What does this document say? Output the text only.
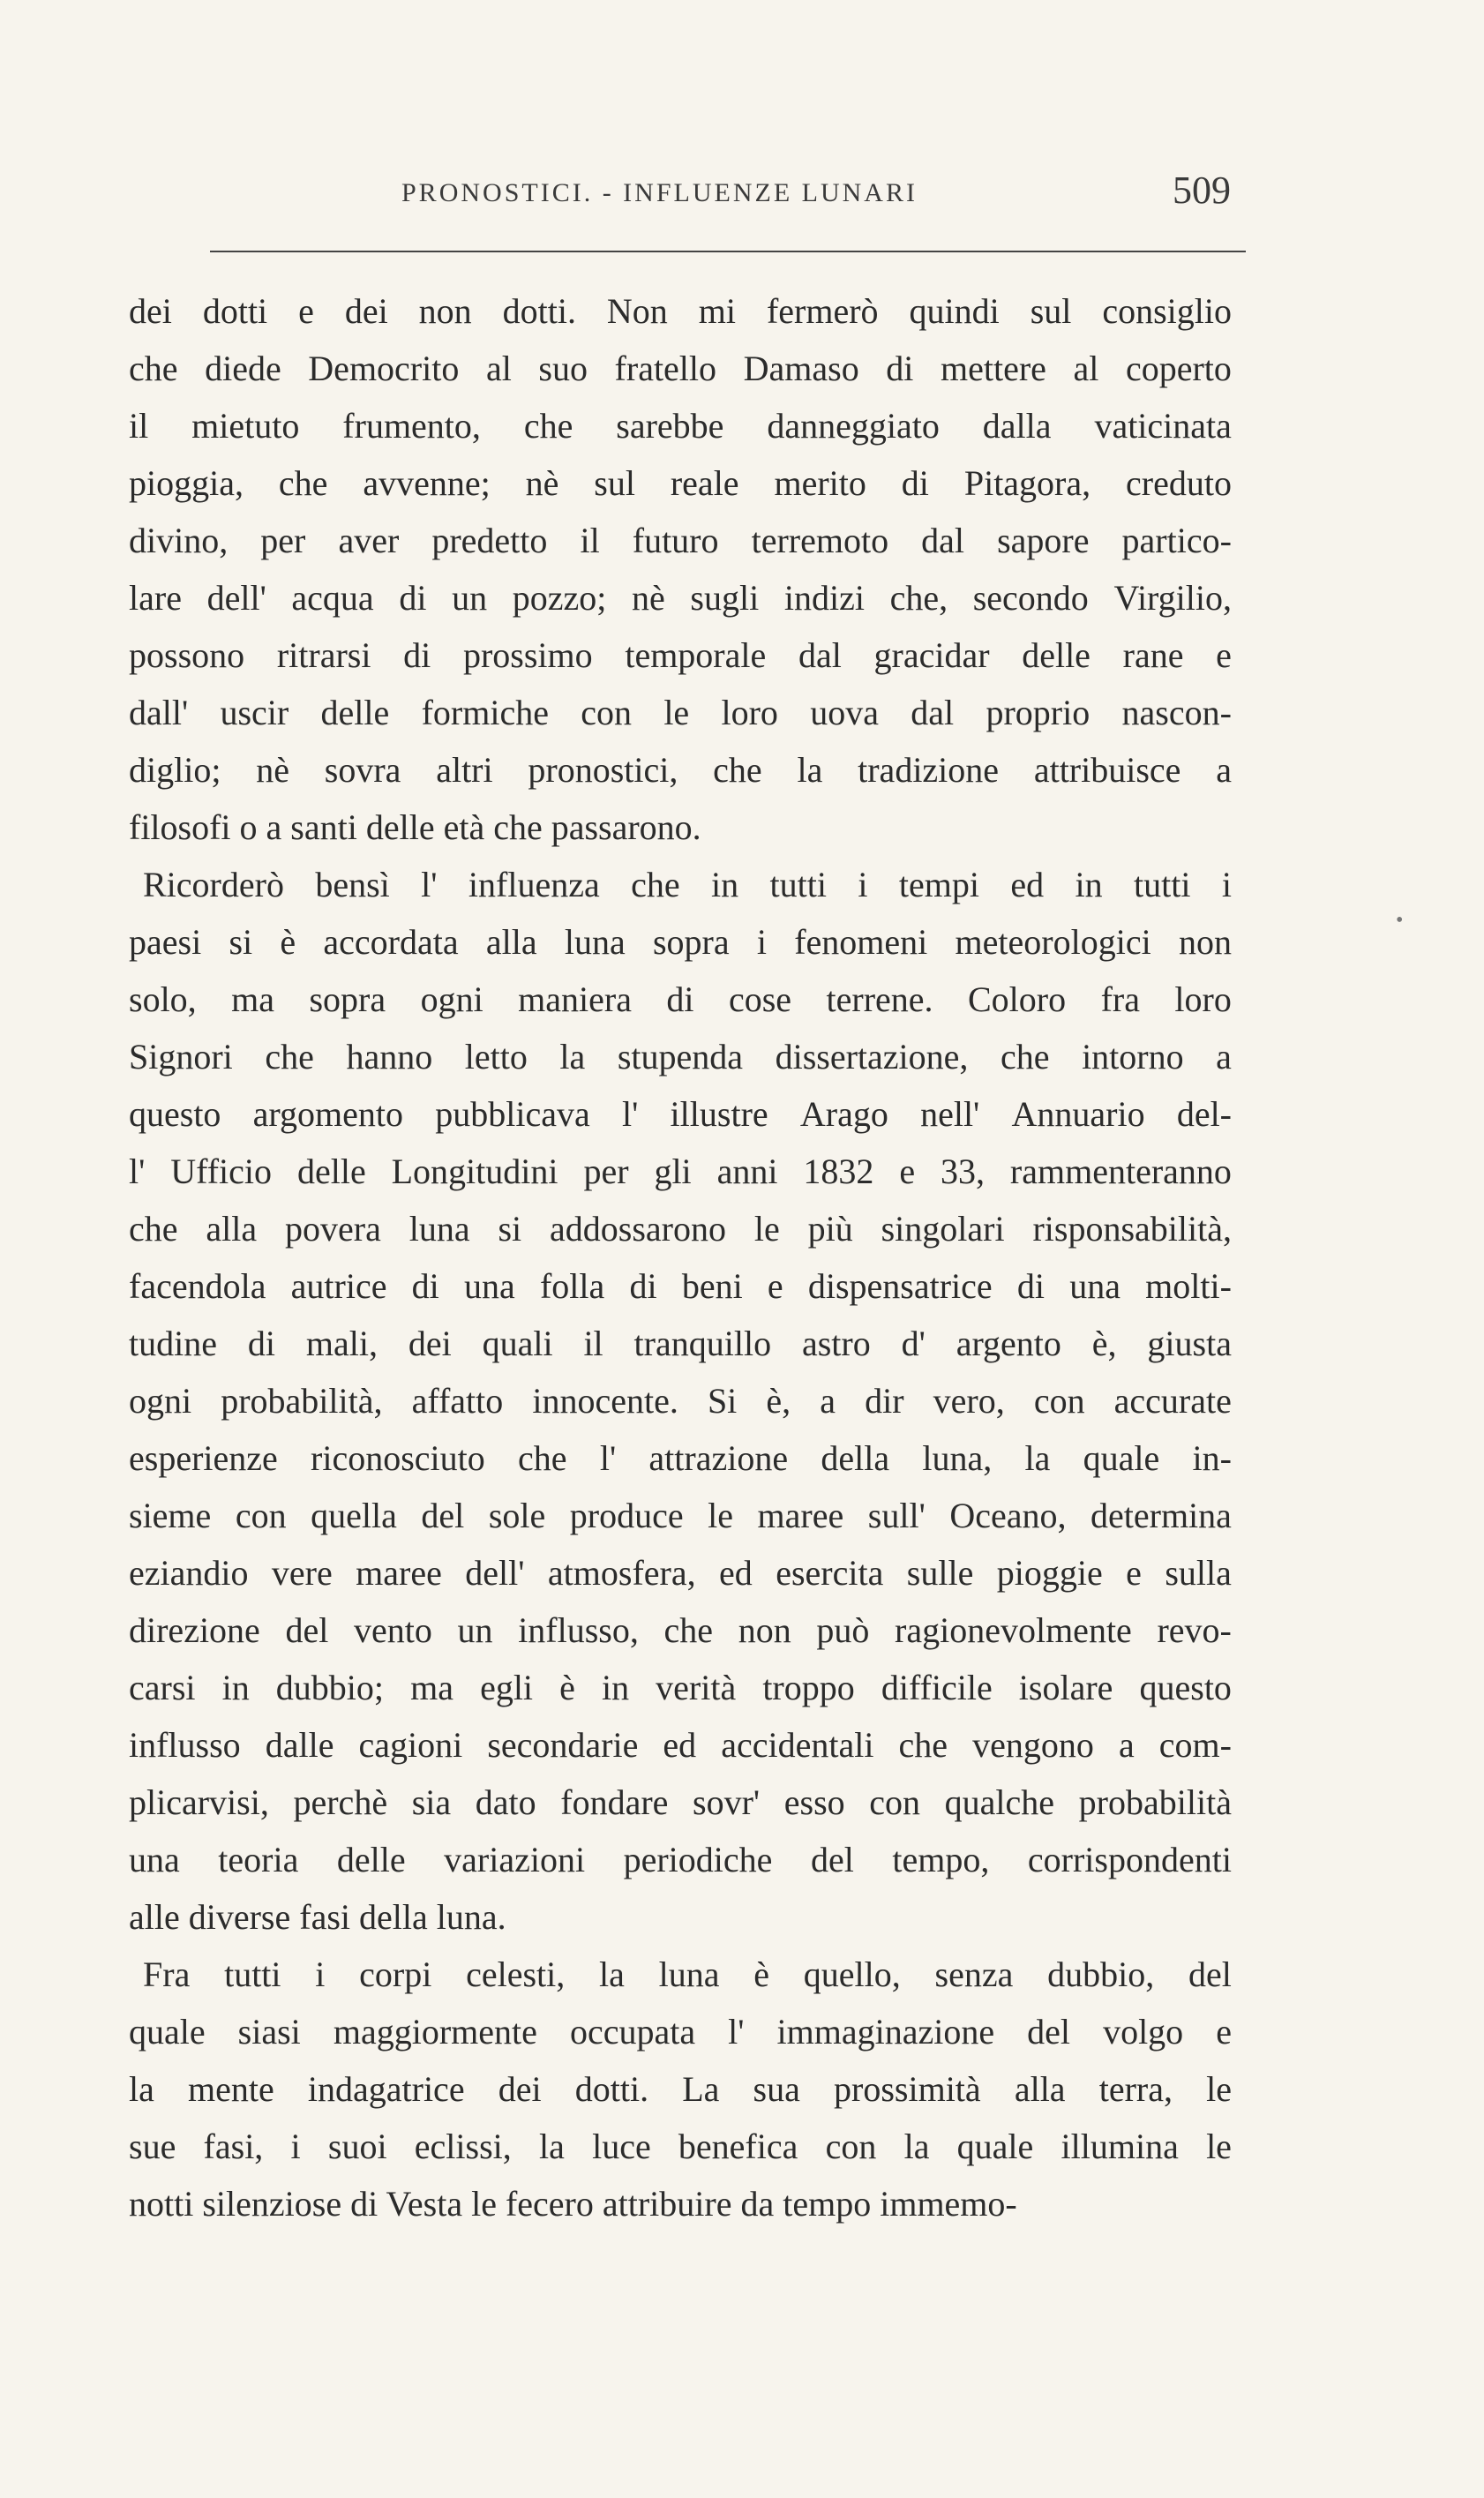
PRONOSTICI. - INFLUENZE LUNARI	509
dei dotti e dei non dotti. Non mi fermerò quindi sul consiglio
che diede Democrito al suo fratello Damaso di mettere al coperto
il mietuto frumento, che sarebbe danneggiato dalla vaticinata
pioggia, che avvenne; nè sul reale merito di Pitagora, creduto
divino, per aver predetto il futuro terremoto dal sapore partico-
lare dell' acqua di un pozzo; nè sugli indizi che, secondo Virgilio,
possono ritrarsi di prossimo temporale dal gracidar delle rane e
dall' uscir delle formiche con le loro uova dal proprio nascon-
diglio; nè sovra altri pronostici, che la tradizione attribuisce a
filosofi o a santi delle età che passarono.
Ricorderò bensì l' influenza che in tutti i tempi ed in tutti i
paesi si è accordata alla luna sopra i fenomeni meteorologici non
solo, ma sopra ogni maniera di cose terrene. Coloro fra loro
Signori che hanno letto la stupenda dissertazione, che intorno a
questo argomento pubblicava l' illustre Arago nell' Annuario del-
l' Ufficio delle Longitudini per gli anni 1832 e 33, rammenteranno
che alla povera luna si addossarono le più singolari risponsabilità,
facendola autrice di una folla di beni e dispensatrice di una molti-
tudine di mali, dei quali il tranquillo astro d' argento è, giusta
ogni probabilità, affatto innocente. Si è, a dir vero, con accurate
esperienze riconosciuto che l' attrazione della luna, la quale in-
sieme con quella del sole produce le maree sull' Oceano, determina
eziandio vere maree dell' atmosfera, ed esercita sulle pioggie e sulla
direzione del vento un influsso, che non può ragionevolmente revo-
carsi in dubbio; ma egli è in verità troppo difficile isolare questo
influsso dalle cagioni secondarie ed accidentali che vengono a com-
plicarvisi, perchè sia dato fondare sovr' esso con qualche probabilità
una teoria delle variazioni periodiche del tempo, corrispondenti
alle diverse fasi della luna.
Fra tutti i corpi celesti, la luna è quello, senza dubbio, del
quale siasi maggiormente occupata l' immaginazione del volgo e
la mente indagatrice dei dotti. La sua prossimità alla terra, le
sue fasi, i suoi eclissi, la luce benefica con la quale illumina le
notti silenziose di Vesta le fecero attribuire da tempo immemo-
•
